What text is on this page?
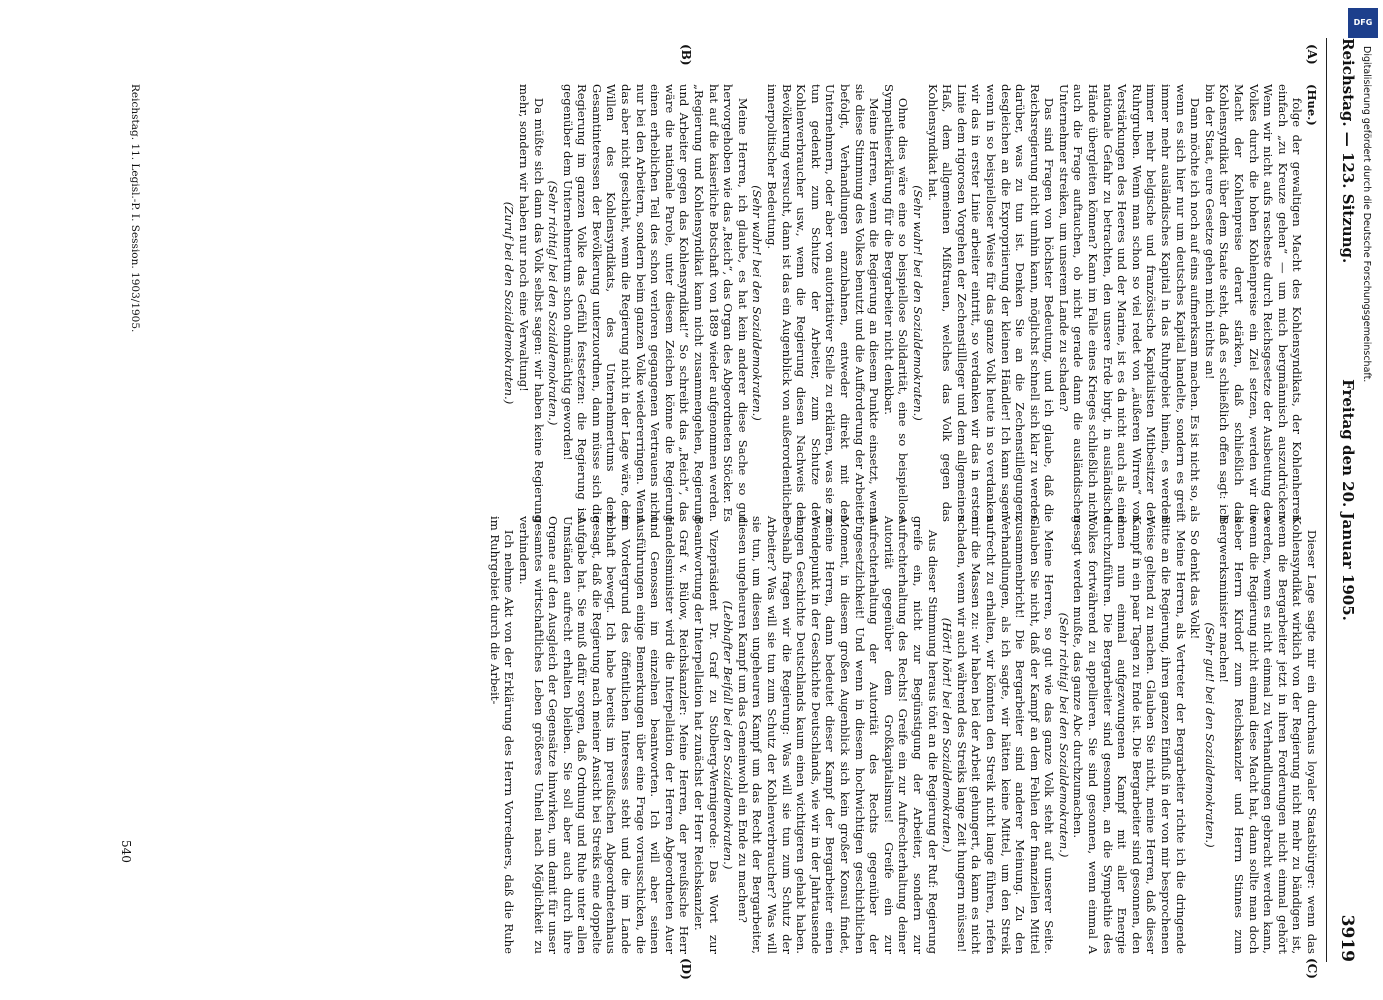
Reichstag. — 123. Sitzung.
Freitag den 20. Januar 1905.
3919
(A)
(B)
(C)
(D)

(Hue.)

folge der gewaltigen Macht des Kohlensyndikats, der Kohlenherren einfach „zu Kreuze gehen“ — um mich bergmännisch auszudrücken. Wenn wir nicht aufs rascheste durch Reichsgesetze der Ausbeutung des Volkes durch die hohen Kohlenpreise ein Ziel setzen, werden wir die Macht der Kohlenpreise derart stärken, daß schließlich das Kohlensyndikat über dem Staate steht, daß es schließlich offen sagt: ich bin der Staat, eure Gesetze gehen mich nichts an!

Dann möchte ich noch auf eins aufmerksam machen. Es ist nicht so, als wenn es sich hier nur um deutsches Kapital handelte, sondern es greift immer mehr ausländisches Kapital in das Ruhrgebiet hinein, es werden immer mehr belgische und französische Kapitalisten Mitbesitzer der Ruhrgruben. Wenn man schon so viel redet von „äußeren Wirren“ von Verstärkungen des Heeres und der Marine, ist es da nicht auch als eine nationale Gefahr zu betrachten, den unsere Erde birgt, in ausländische Hände übergleiten können? Kann im Falle eines Krieges schließlich nicht auch die Frage auftauchen, ob nicht gerade dann die ausländischen Unternehmer streiken, um unserem Lande zu schaden?

Das sind Fragen von höchster Bedeutung, und ich glaube, daß die Reichsregierung nicht umhin kann, möglichst schnell sich klar zu werden darüber, was zu tun ist. Denken Sie an die Zechenstillegungen, desgleichen an die Expropriierung der kleinen Händler! Ich kann sagen: wenn in so beispielloser Weise für das ganze Volk heute in so verdanken wir das in erster Linie arbeiter eintritt, so verdanken wir das in erster Linie dem rigorosen Vorgehen der Zechenstillleger und dem allgemeinen Haß, dem allgemeinen Mißtrauen, welches das Volk gegen das Kohlensyndikat hat.

(Sehr wahr! bei den Sozialdemokraten.)

Ohne dies wäre eine so beispiellose Solidarität, eine so beispiellose Sympathieerklärung für die Bergarbeiter nicht denkbar.

Meine Herren, wenn die Regierung an diesem Punkte einsetzt, wenn sie diese Stimmung des Volkes benutzt und die Aufforderung der Arbeiter befolgt, Verhandlungen anzubahnen, entweder direkt mit den Unternehmern, oder aber von autoritativer Stelle zu erklären, was sie zu tun gedenkt zum Schutze der Arbeiter, zum Schutze der Kohlenverbraucher usw., wenn die Regierung diesen Nachweis der Bevölkerung versucht, dann ist das ein Augenblick von außerordentlicher innerpolitischer Bedeutung.

(Sehr wahr! bei den Sozialdemokraten.)

Meine Herren, ich glaube, es hat kein anderer diese Sache so gut hervorgehoben wie das „Reich“, das Organ des Abgeordneten Stöcker. Es hat auf die kaiserliche Botschaft von 1889 wieder aufgenommen werden. „Regierung und Kohlensyndikat kann nicht zusammengehen, Regierung und Arbeiter gegen das Kohlensyndikat!“ So schreibt das „Reich“, das wäre die nationale Parole, unter diesem Zeichen könne die Regierung einen erheblichen Teil des schon verloren gegangenen Vertrauens nicht nur bei den Arbeitern, sondern beim ganzen Volke wiedererringen. Wenn das aber nicht geschieht, wenn die Regierung nicht in der Lage wäre, den Willen des Kohlensyndikats, des Unternehmertums dem Gesamtinteressen der Bevölkerung unterzuordnen, dann müsse sich die Regierung im ganzen Volke das Gefühl festsetzen: die Regierung ist gegenüber dem Unternehmertum schon ohnmächtig geworden!

(Sehr richtig! bei den Sozialdemokraten.)

Da müßte sich dann das Volk selbst sagen: wir haben keine Regierung mehr, sondern wir haben nur noch eine Verwaltung!

(Zuruf bei den Sozialdemokraten.)

Dieser Lage sagte mir ein durchaus loyaler Staatsbürger: wenn das Kohlensyndikat wirklich von der Regierung nicht mehr zu bändigen ist, wenn die Bergarbeiter jetzt in ihren Forderungen nicht einmal gehört werden, wenn es nicht einmal zu Verhandlungen gebracht werden kann, wenn die Regierung nicht einmal diese Macht hat, dann sollte man doch lieber Herrn Kirdorf zum Reichskanzler und Herrn Stinnes zum Bergwerksminister machen!

(Sehr gut! bei den Sozialdemokraten.)

So denkt das Volk!

Meine Herren, als Vertreter der Bergarbeiter richte ich die dringende Bitte an die Regierung, ihren ganzen Einfluß in der von mir besprochenen Weise geltend zu machen. Glauben Sie nicht, meine Herren, daß dieser Kampf in ein paar Tagen zu Ende ist. Die Bergarbeiter sind gesonnen, den ihnen nun einmal aufgezwungenen Kampf mit aller Energie durchzuführen. Die Bergarbeiter sind gesonnen, an die Sympathie des Volkes fortwährend zu appellieren. Sie sind gesonnen, wenn einmal A gesagt werden mußte, das ganze Abc durchzumachen.

(Sehr richtig! bei den Sozialdemokraten.)

Meine Herren, so gut wie das ganze Volk steht auf unserer Seite. Glauben Sie nicht, daß der Kampf an dem Fehlen der finanziellen Mittel zusammenbricht! Die Bergarbeiter sind anderer Meinung. Zu den Verhandlungen, als ich sagte, wir hätten keine Mittel, um den Streik aufrecht zu erhalten, wir könnten den Streik nicht lange führen, riefen mir die Massen zu: wir haben bei der Arbeit gehungert, da kann es nicht schaden, wenn wir auch während des Streiks lange Zeit hungern müssen!

(Hört! hört! bei den Sozialdemokraten.)

Aus dieser Stimmung heraus tönt an die Regierung der Ruf: Regierung greife ein, nicht zur Begünstigung der Arbeiter, sondern zur Aufrechterhaltung des Rechts! Greife ein zur Aufrechterhaltung deiner Autorität gegenüber dem Großkapitalismus! Greife ein zur Aufrechterhaltung der Autorität des Rechts gegenüber der Ungesetzlichkeit! Und wenn in diesem hochwichtigen geschichtlichen Moment, in diesem großen Augenblick sich kein großer Konsul findet, meine Herren, dann bedeutet dieser Kampf der Bergarbeiter einen Wendepunkt in der Geschichte Deutschlands, wie wir in der Jahrtausende langen Geschichte Deutschlands kaum einen wichtigeren gehabt haben. Deshalb fragen wir die Regierung: Was will sie tun zum Schutz der Arbeiter? Was will sie tun zum Schutz der Kohlenverbraucher? Was will sie tun, um diesen ungeheuren Kampf um das Recht der Bergarbeiter, diesen ungeheuren Kampf um das Gemeinwohl ein Ende zu machen?

(Lebhafter Beifall bei den Sozialdemokraten.)

Vizepräsident Dr. Graf zu Stolberg-Wernigerode: Das Wort zur Beantwortung der Interpellation hat zunächst der Herr Reichskanzler.

Graf v. Bülow, Reichskanzler: Meine Herren, der preußische Herr Handelsminister wird die Interpellation der Herren Abgeordneten Auer und Genossen im einzelnen beantworten. Ich will aber seinen Ausführungen einige Bemerkungen über eine Frage vorausschicken, die im Vordergrund des öffentlichen Interesses steht und die im Lande lebhaft bewegt. Ich habe bereits im preußischen Abgeordnetenhaus gesagt, daß die Regierung nach meiner Ansicht bei Streiks eine doppelte Aufgabe hat. Sie muß dafür sorgen, daß Ordnung und Ruhe unter allen Umständen aufrecht erhalten bleiben. Sie soll aber auch durch ihre Organe auf den Ausgleich der Gegensätze hinwirken, um damit für unser gesamtes wirtschaftliches Leben größeres Unheil nach Möglichkeit zu verhindern.

Ich nehme Akt von der Erklärung des Herrn Vorredners, daß die Ruhe im Ruhrgebiet durch die Arbeit-

Reichstag. 11. Legisl.-P. I. Session. 1903/1905.
540
DFG
Digitalisierung gefördert durch die Deutsche Forschungsgemeinschaft.
